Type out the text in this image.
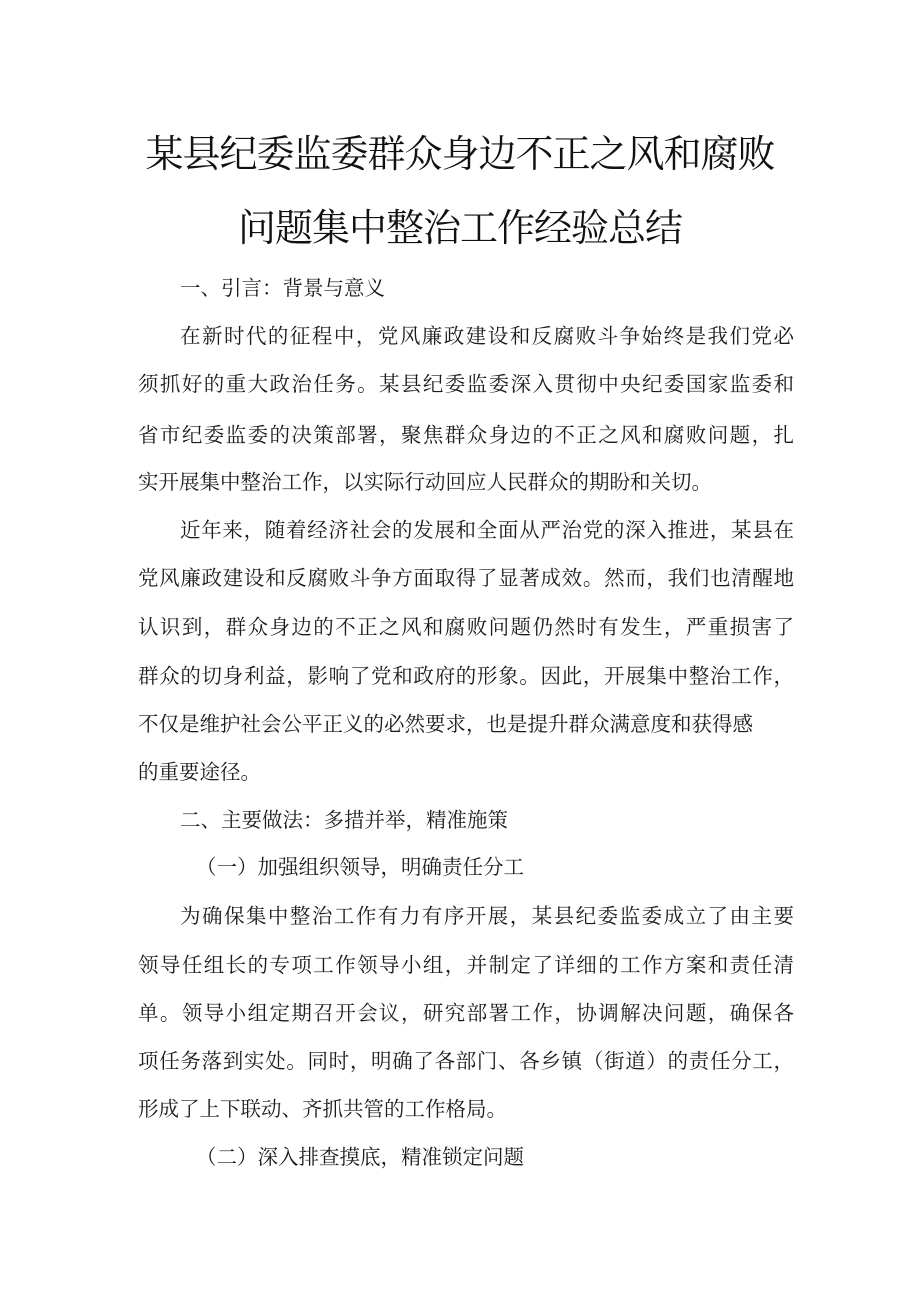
某县纪委监委群众身边不正之风和腐败
问题集中整治工作经验总结
一、引言：背景与意义
在新时代的征程中，党风廉政建设和反腐败斗争始终是我们党必
须抓好的重大政治任务。某县纪委监委深入贯彻中央纪委国家监委和
省市纪委监委的决策部署，聚焦群众身边的不正之风和腐败问题，扎
实开展集中整治工作，以实际行动回应人民群众的期盼和关切。
近年来，随着经济社会的发展和全面从严治党的深入推进，某县在
党风廉政建设和反腐败斗争方面取得了显著成效。然而，我们也清醒地
认识到，群众身边的不正之风和腐败问题仍然时有发生，严重损害了
群众的切身利益，影响了党和政府的形象。因此，开展集中整治工作，
不仅是维护社会公平正义的必然要求，也是提升群众满意度和获得感
的重要途径。
二、主要做法：多措并举，精准施策
（一）加强组织领导，明确责任分工
为确保集中整治工作有力有序开展，某县纪委监委成立了由主要
领导任组长的专项工作领导小组，并制定了详细的工作方案和责任清
单。领导小组定期召开会议，研究部署工作，协调解决问题，确保各
项任务落到实处。同时，明确了各部门、各乡镇（街道）的责任分工，
形成了上下联动、齐抓共管的工作格局。
（二）深入排查摸底，精准锁定问题
